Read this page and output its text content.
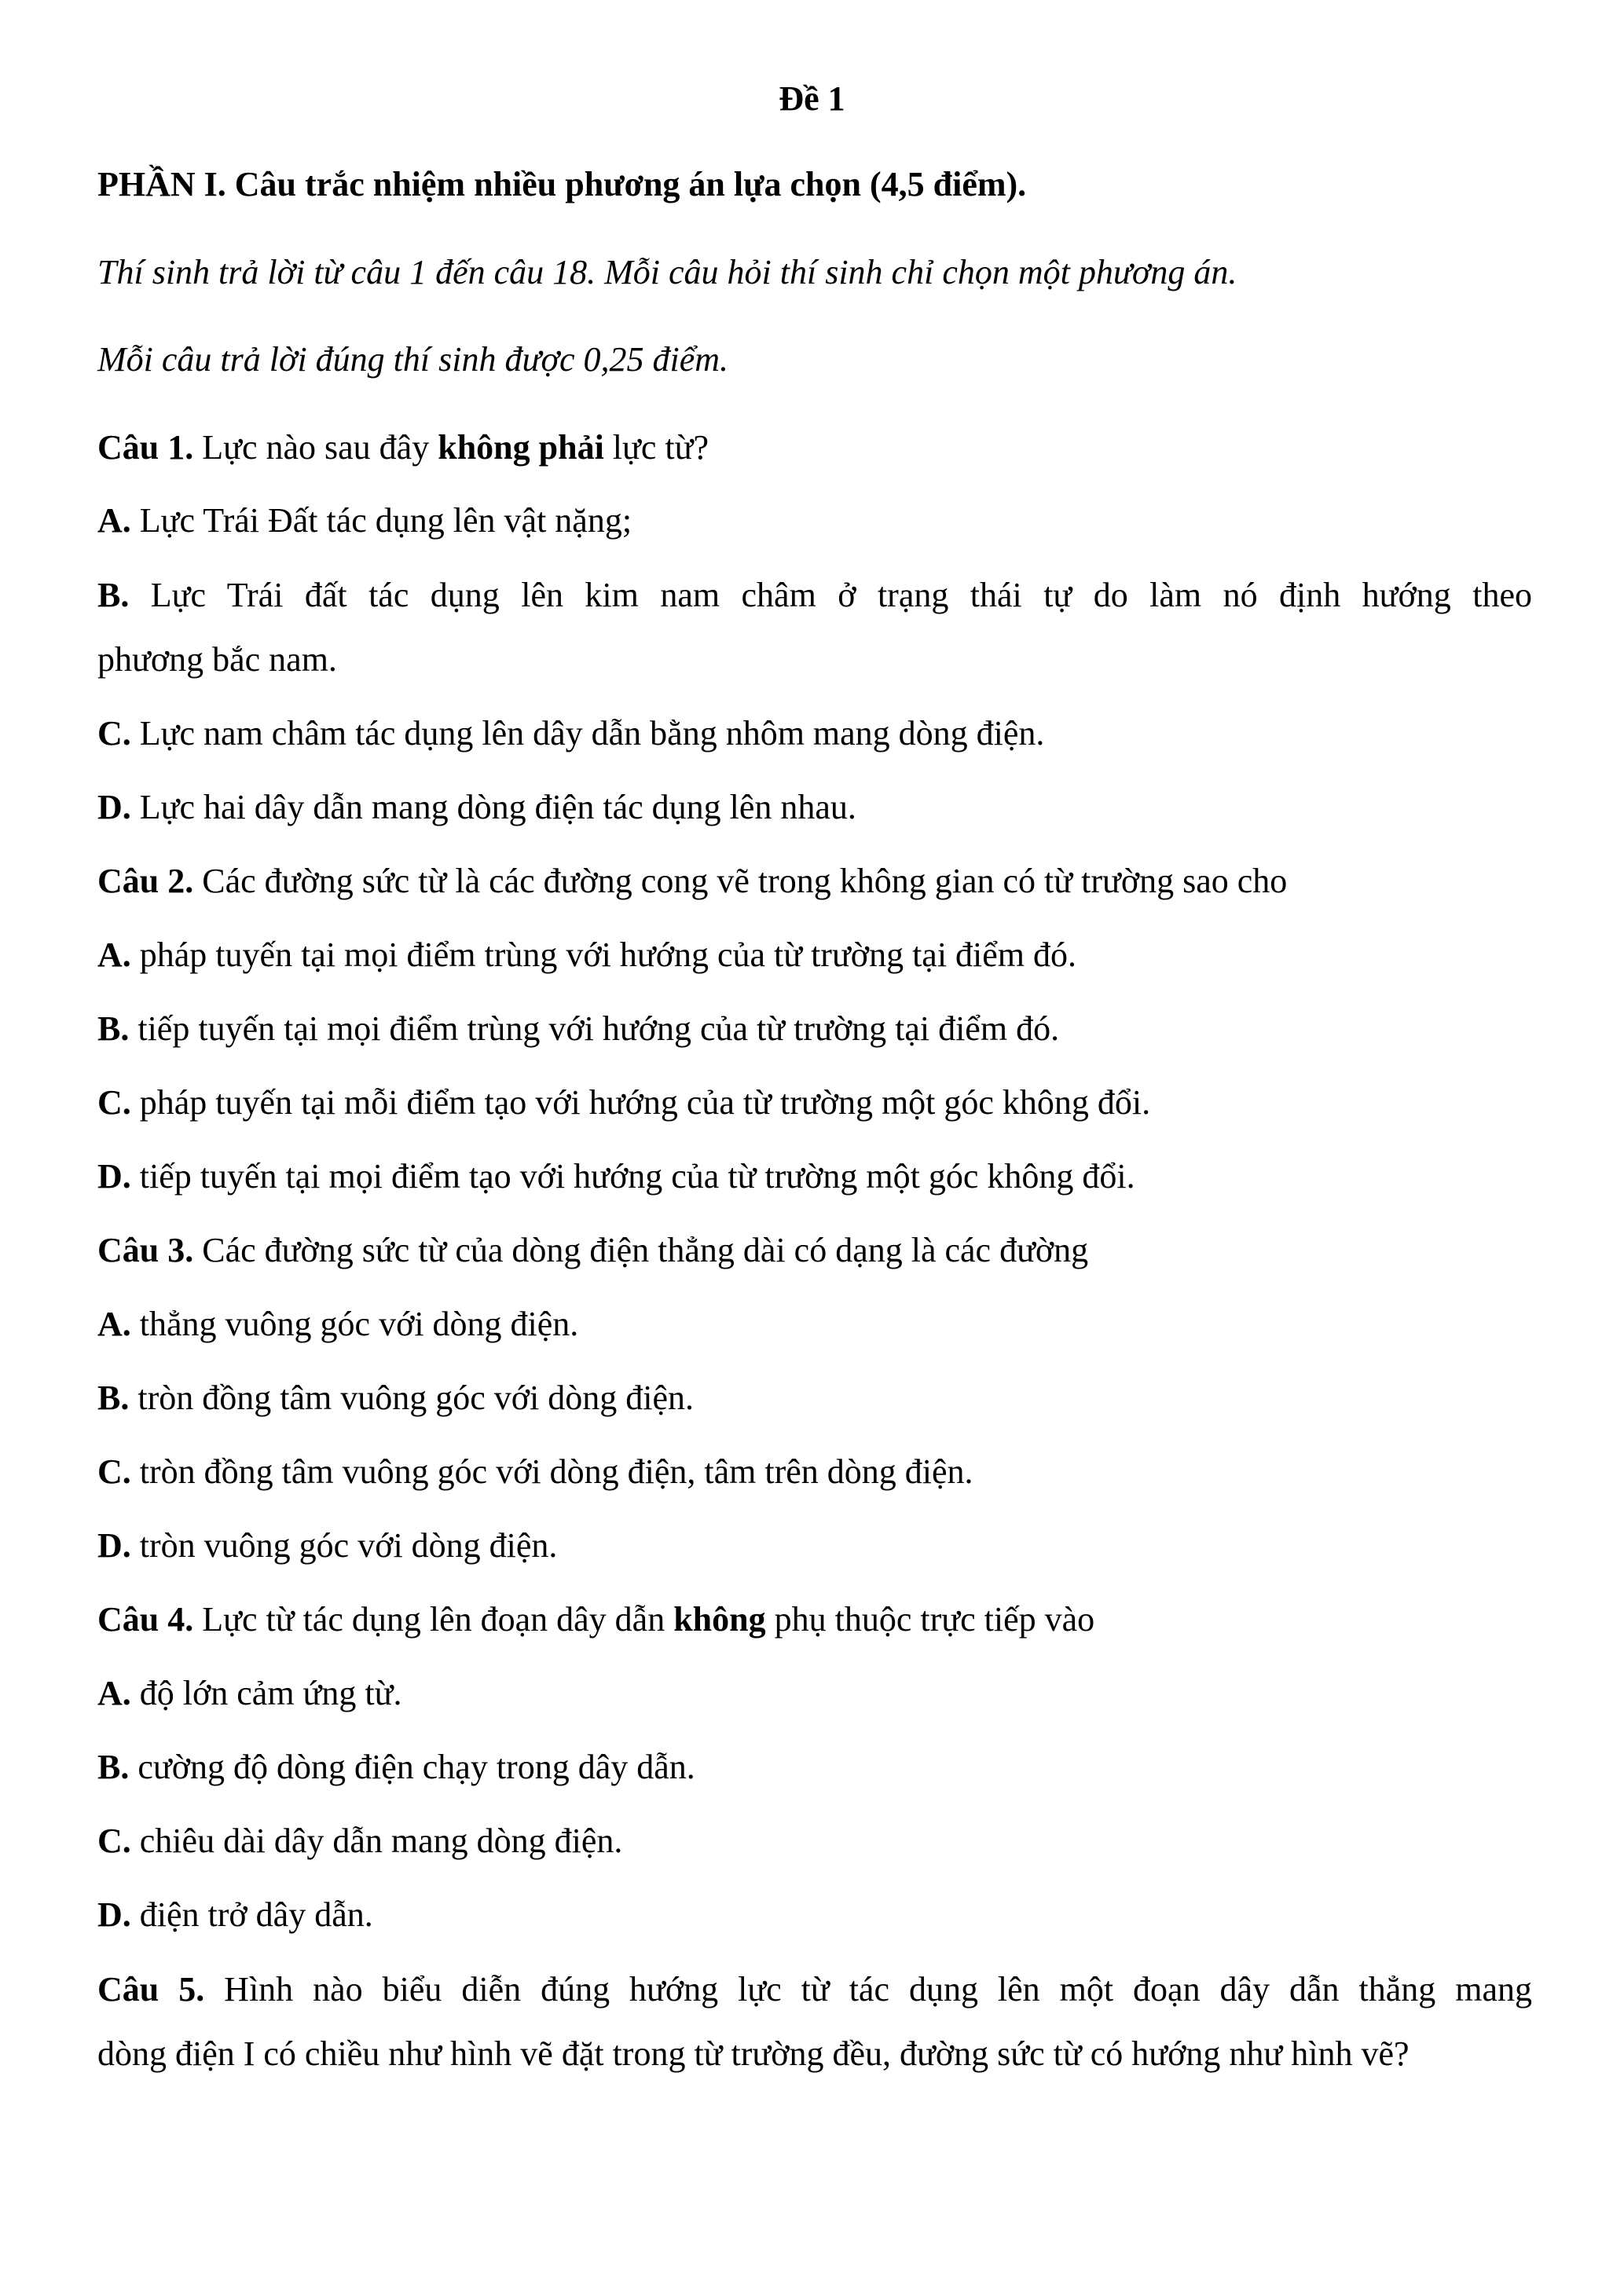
Đề 1
PHẦN I. Câu trắc nhiệm nhiều phương án lựa chọn (4,5 điểm).
Thí sinh trả lời từ câu 1 đến câu 18. Mỗi câu hỏi thí sinh chỉ chọn một phương án.
Mỗi câu trả lời đúng thí sinh được 0,25 điểm.
Câu 1. Lực nào sau đây không phải lực từ?
A. Lực Trái Đất tác dụng lên vật nặng;
B. Lực Trái đất tác dụng lên kim nam châm ở trạng thái tự do làm nó định hướng theo
phương bắc nam.
C. Lực nam châm tác dụng lên dây dẫn bằng nhôm mang dòng điện.
D. Lực hai dây dẫn mang dòng điện tác dụng lên nhau.
Câu 2. Các đường sức từ là các đường cong vẽ trong không gian có từ trường sao cho
A. pháp tuyến tại mọi điểm trùng với hướng của từ trường tại điểm đó.
B. tiếp tuyến tại mọi điểm trùng với hướng của từ trường tại điểm đó.
C. pháp tuyến tại mỗi điểm tạo với hướng của từ trường một góc không đổi.
D. tiếp tuyến tại mọi điểm tạo với hướng của từ trường một góc không đổi.
Câu 3. Các đường sức từ của dòng điện thẳng dài có dạng là các đường
A. thẳng vuông góc với dòng điện.
B. tròn đồng tâm vuông góc với dòng điện.
C. tròn đồng tâm vuông góc với dòng điện, tâm trên dòng điện.
D. tròn vuông góc với dòng điện.
Câu 4. Lực từ tác dụng lên đoạn dây dẫn không phụ thuộc trực tiếp vào
A. độ lớn cảm ứng từ.
B. cường độ dòng điện chạy trong dây dẫn.
C. chiêu dài dây dẫn mang dòng điện.
D. điện trở dây dẫn.
Câu 5. Hình nào biểu diễn đúng hướng lực từ tác dụng lên một đoạn dây dẫn thẳng mang
dòng điện I có chiều như hình vẽ đặt trong từ trường đều, đường sức từ có hướng như hình vẽ?
